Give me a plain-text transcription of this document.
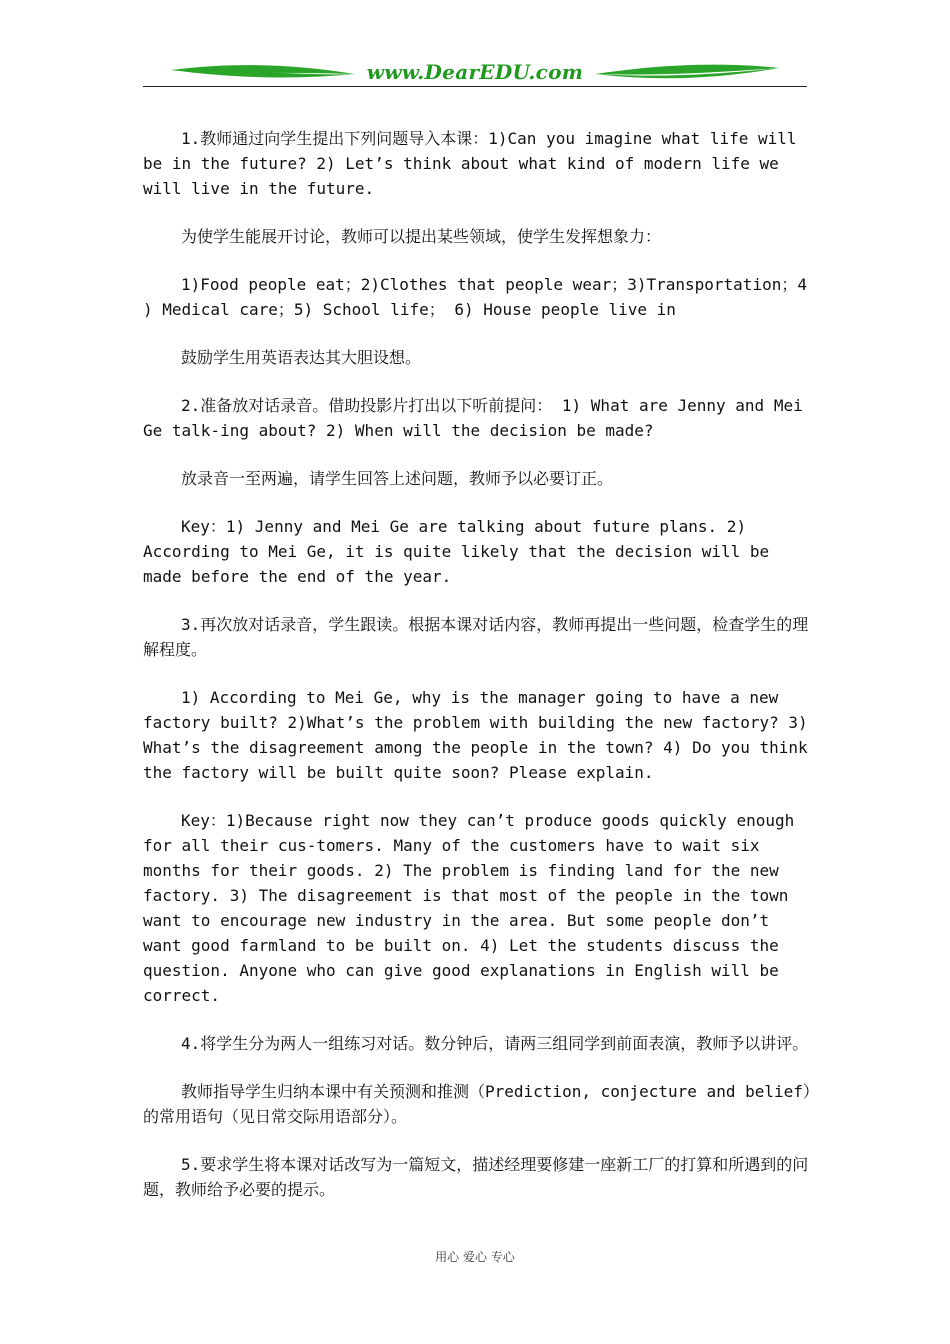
www.DearEDU.com

1.教师通过向学生提出下列问题导入本课：1)Can you imagine what life will be in the future? 2) Let’s think about what kind of modern life we will live in the future.

为使学生能展开讨论，教师可以提出某些领域，使学生发挥想象力：

1)Food people eat；2)Clothes that people wear；3)Transportation；4 ) Medical care；5) School life； 6) House people live in

鼓励学生用英语表达其大胆设想。

2.准备放对话录音。借助投影片打出以下听前提问： 1) What are Jenny and Mei Ge talk-ing about? 2) When will the decision be made?

放录音一至两遍，请学生回答上述问题，教师予以必要订正。

Key：1) Jenny and Mei Ge are talking about future plans. 2) According to Mei Ge, it is quite likely that the decision will be made before the end of the year.

3.再次放对话录音，学生跟读。根据本课对话内容，教师再提出一些问题，检查学生的理解程度。

1) According to Mei Ge, why is the manager going to have a new factory built? 2)What’s the problem with building the new factory? 3) What’s the disagreement among the people in the town? 4) Do you think the factory will be built quite soon? Please explain.

Key：1)Because right now they can’t produce goods quickly enough for all their cus-tomers. Many of the customers have to wait six months for their goods. 2) The problem is finding land for the new factory. 3) The disagreement is that most of the people in the town want to encourage new industry in the area. But some people don’t want good farmland to be built on. 4) Let the students discuss the question. Anyone who can give good explanations in English will be correct.

4.将学生分为两人一组练习对话。数分钟后，请两三组同学到前面表演，教师予以讲评。

教师指导学生归纳本课中有关预测和推测（Prediction, conjecture and belief）的常用语句（见日常交际用语部分）。

5.要求学生将本课对话改写为一篇短文，描述经理要修建一座新工厂的打算和所遇到的问题，教师给予必要的提示。

用心 爱心 专心
